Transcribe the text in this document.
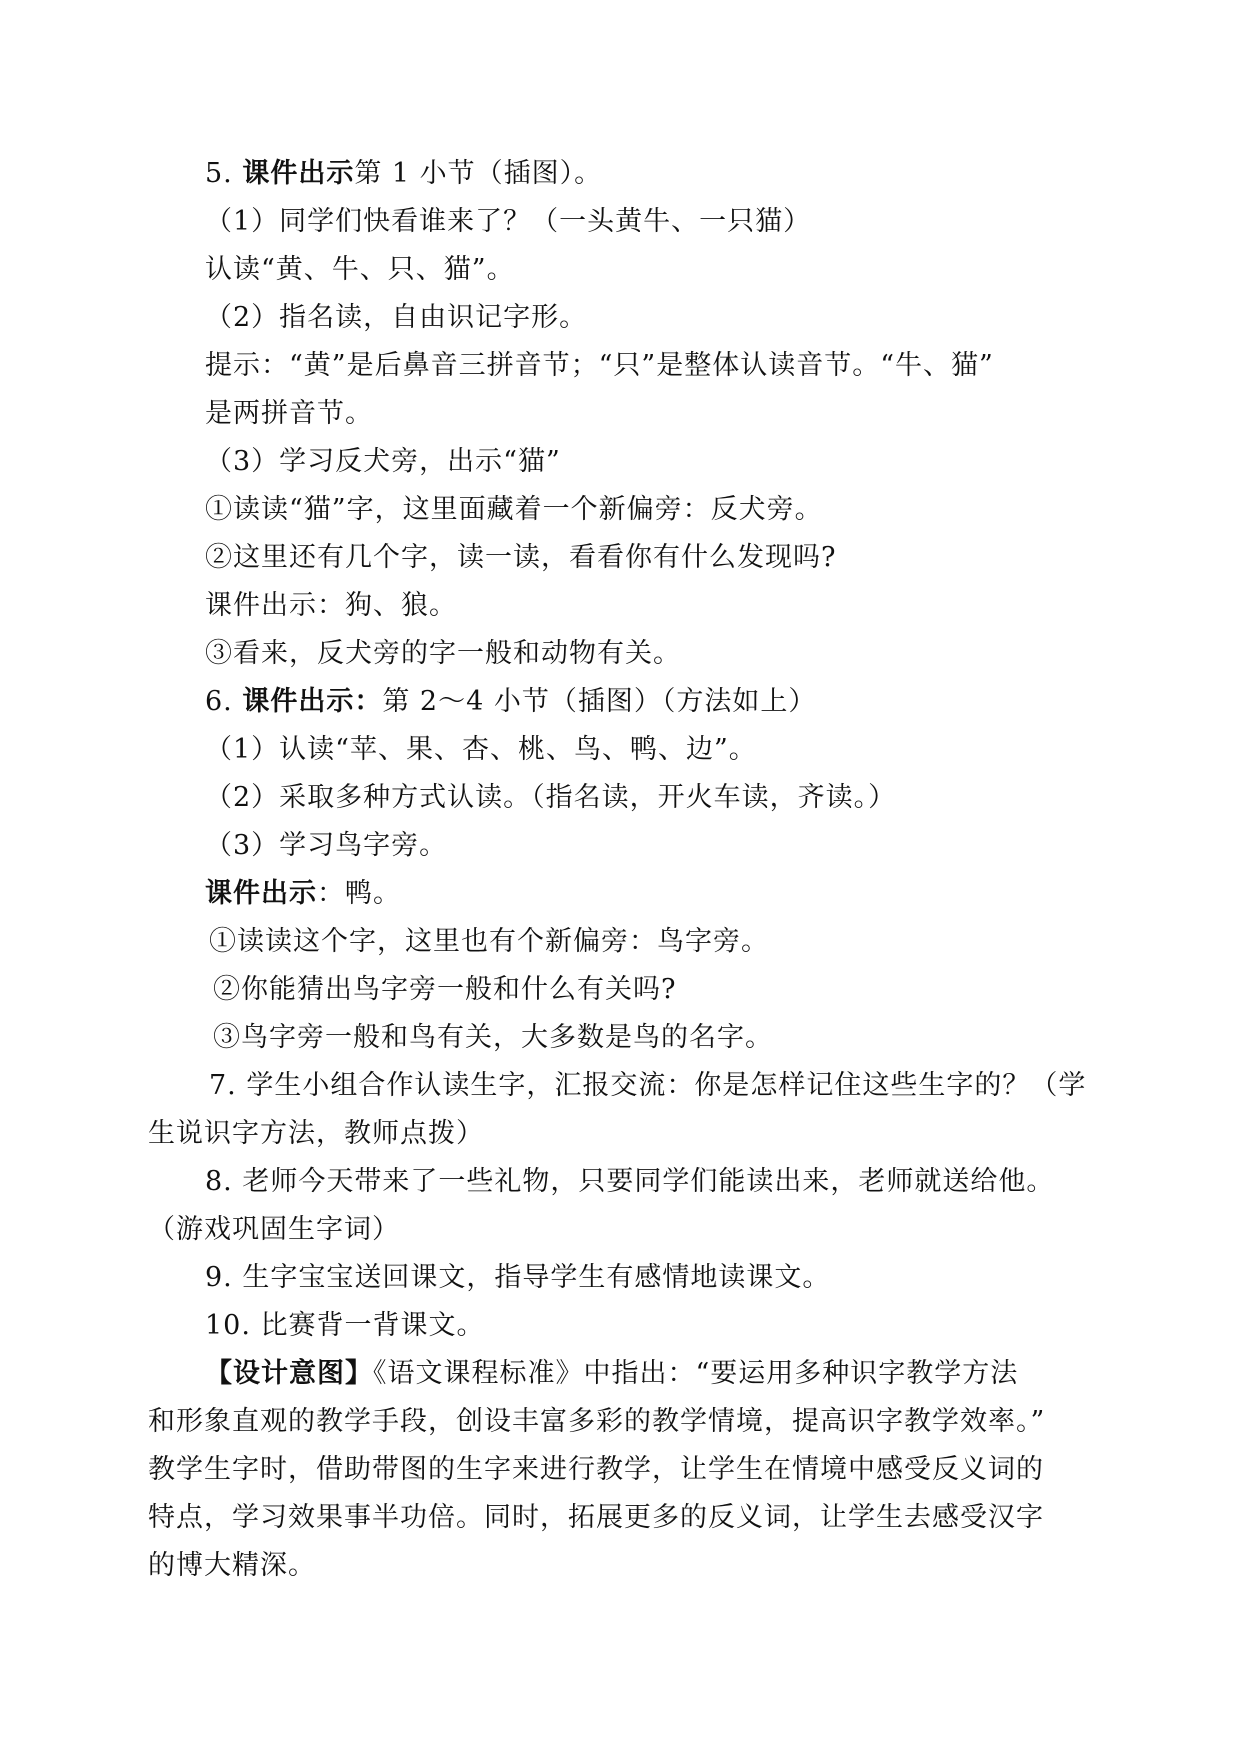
5. 课件出示第 1 小节（插图）。
（1）同学们快看谁来了？（一头黄牛、一只猫）
认读“黄、牛、只、猫”。
（2）指名读，自由识记字形。
提示：“黄”是后鼻音三拼音节；“只”是整体认读音节。“牛、猫”
是两拼音节。
（3）学习反犬旁，出示“猫”
①读读“猫”字，这里面藏着一个新偏旁：反犬旁。
②这里还有几个字，读一读，看看你有什么发现吗?
课件出示：狗、狼。
③看来，反犬旁的字一般和动物有关。
6. 课件出示：第 2～4 小节（插图）（方法如上）
（1）认读“苹、果、杏、桃、鸟、鸭、边”。
（2）采取多种方式认读。（指名读，开火车读，齐读。）
（3）学习鸟字旁。
课件出示：鸭。
①读读这个字，这里也有个新偏旁：鸟字旁。
②你能猜出鸟字旁一般和什么有关吗?
③鸟字旁一般和鸟有关，大多数是鸟的名字。
7. 学生小组合作认读生字，汇报交流：你是怎样记住这些生字的？（学
生说识字方法，教师点拨）
8. 老师今天带来了一些礼物，只要同学们能读出来，老师就送给他。
（游戏巩固生字词）
9. 生字宝宝送回课文，指导学生有感情地读课文。
10. 比赛背一背课文。
【设计意图】《语文课程标准》中指出：“要运用多种识字教学方法
和形象直观的教学手段，创设丰富多彩的教学情境，提高识字教学效率。”
教学生字时，借助带图的生字来进行教学，让学生在情境中感受反义词的
特点，学习效果事半功倍。同时，拓展更多的反义词，让学生去感受汉字
的博大精深。
